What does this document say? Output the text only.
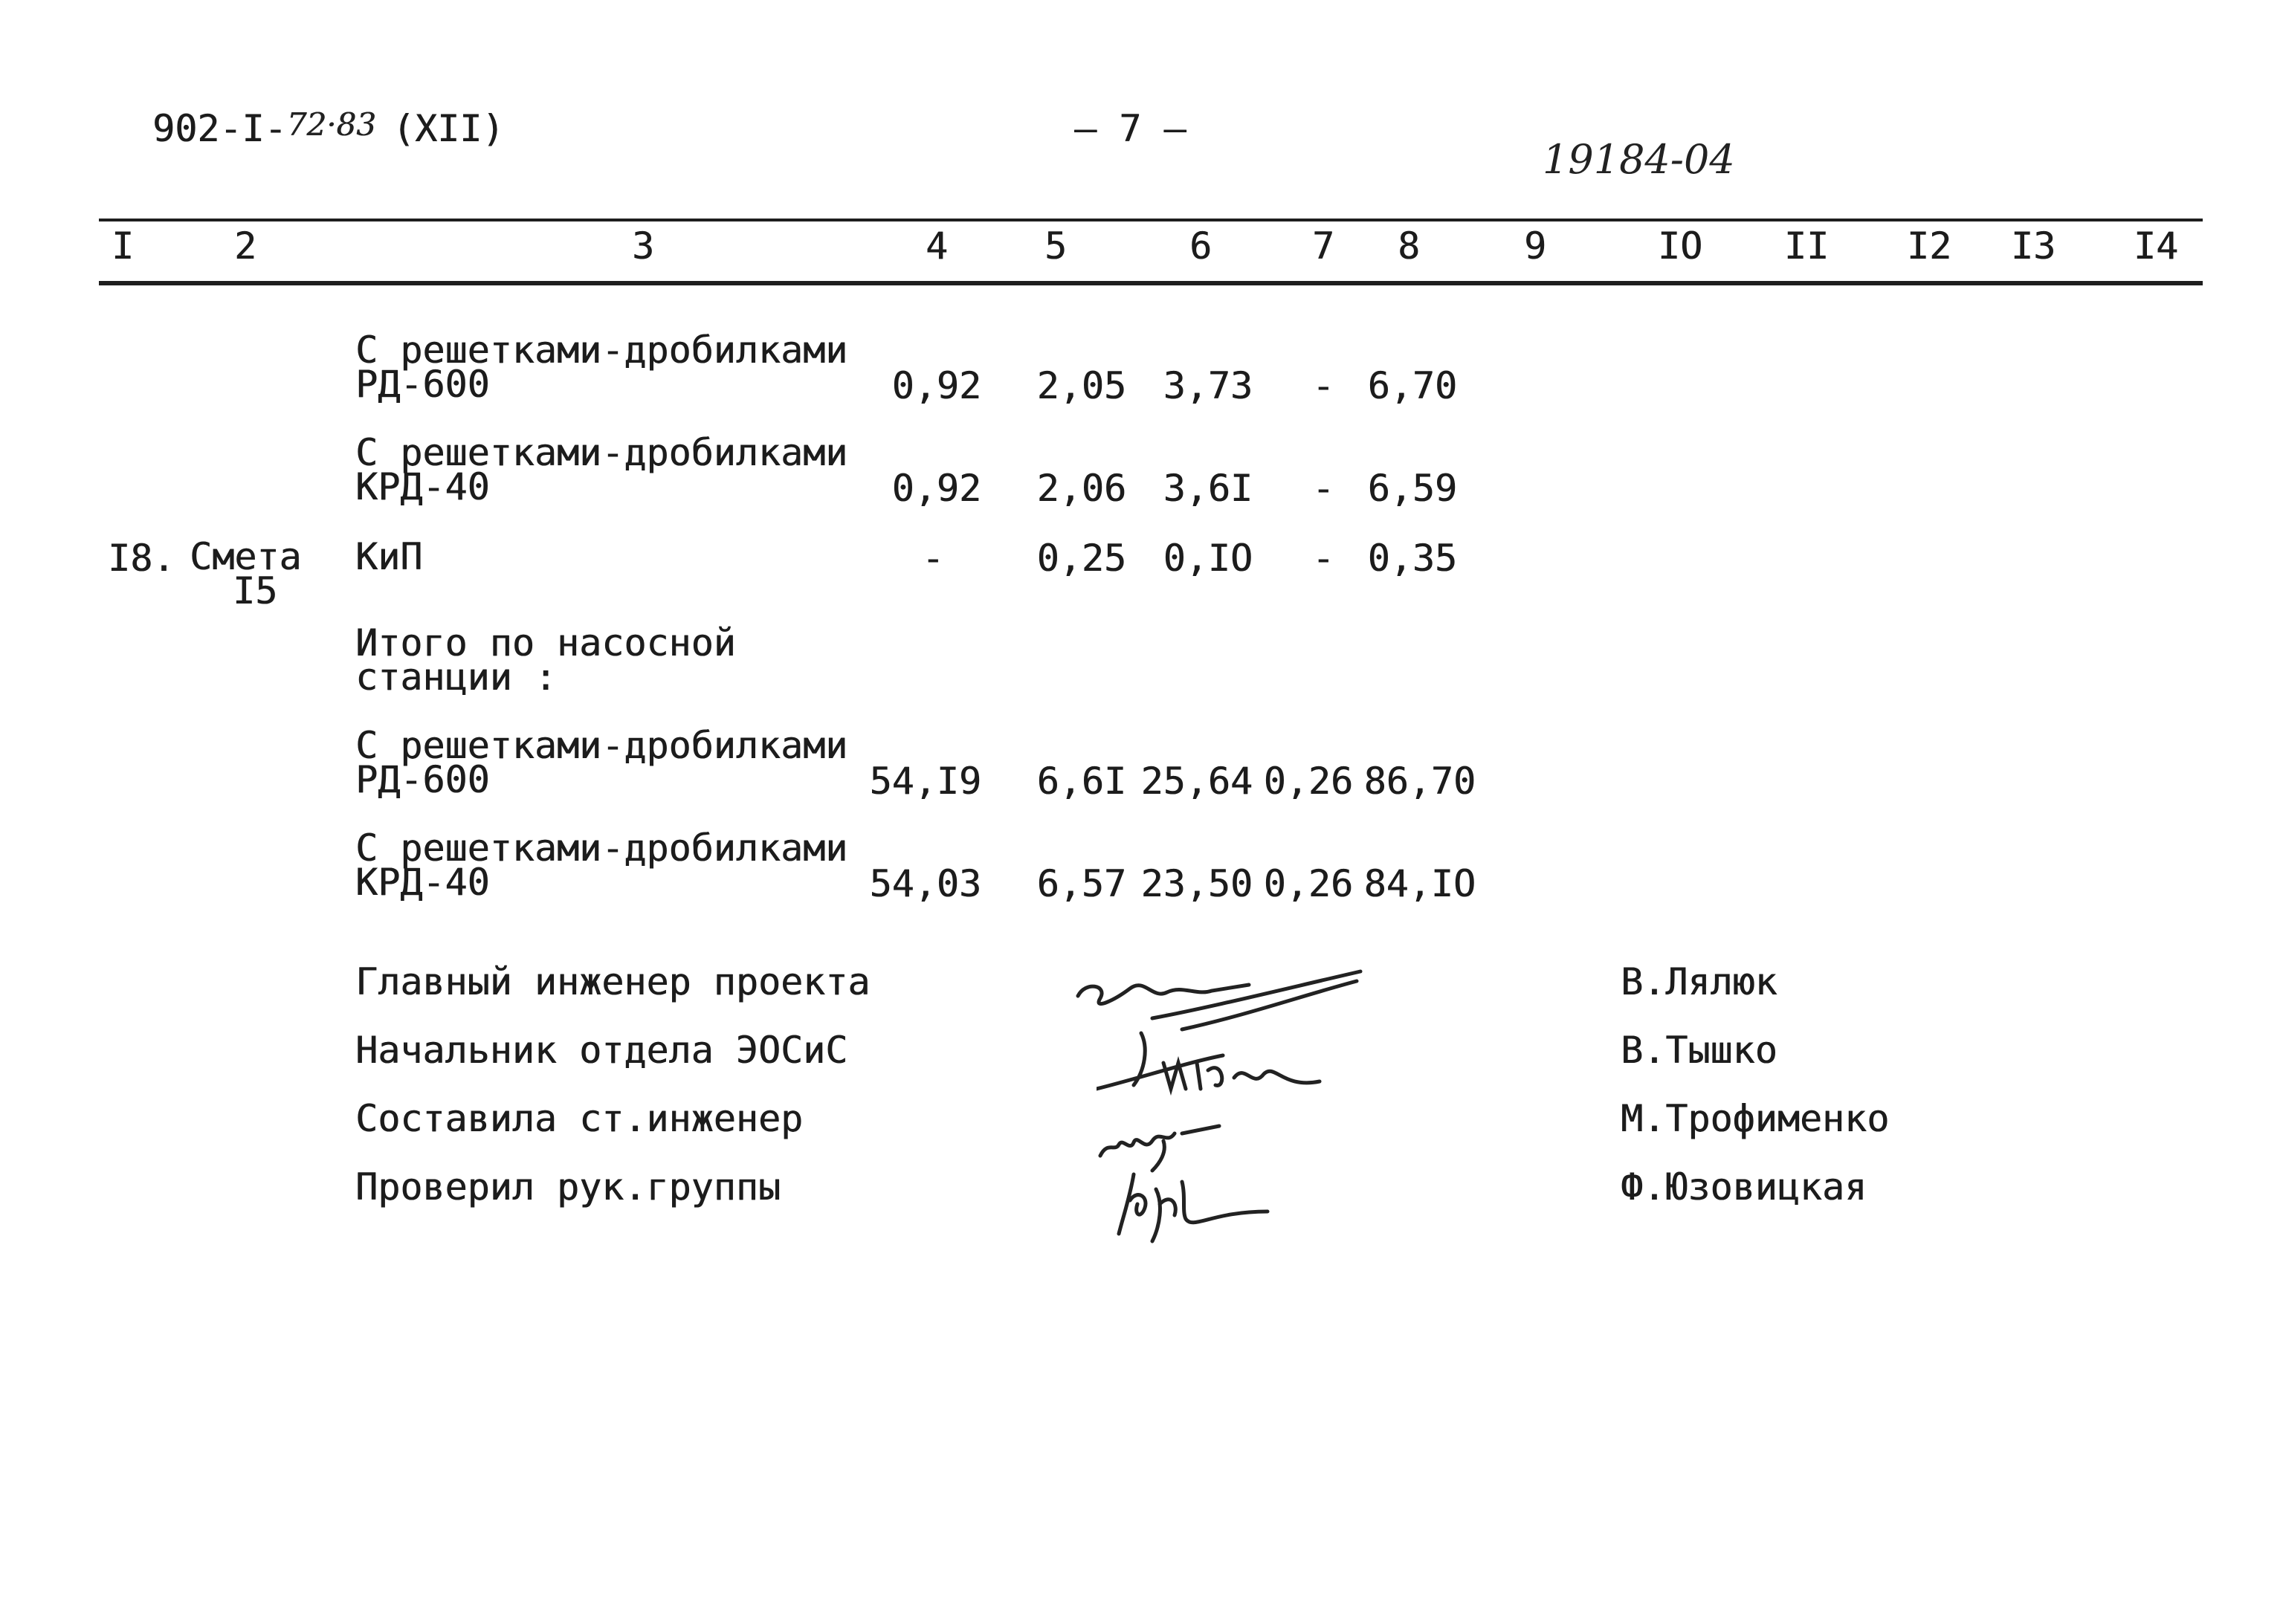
902-I-72·83 (XII)	– 7 –
19184-04
I	2	3	4	5	6	7 8	9	IO II I2 I3 I4
С решетками-дробилками
РД-600	0,92	2,05 3,73	- 6,70
С решетками-дробилками
КРД-40	0,92	2,06 3,6I	- 6,59
I8. Смета
I5
КиП	-	0,25 0,IO	- 0,35
Итого по насосной
станции :
С решетками-дробилками
РД-600	54,I9	6,6I 25,64 0,26 86,70
С решетками-дробилками
КРД-40	54,03	6,57 23,50 0,26 84,IO
Главный инженер проекта	В.Лялюк
Начальник отдела ЭОСиС	В.Тышко
Составила ст.инженер	М.Трофименко
Проверил рук.группы	Ф.Юзовицкая
